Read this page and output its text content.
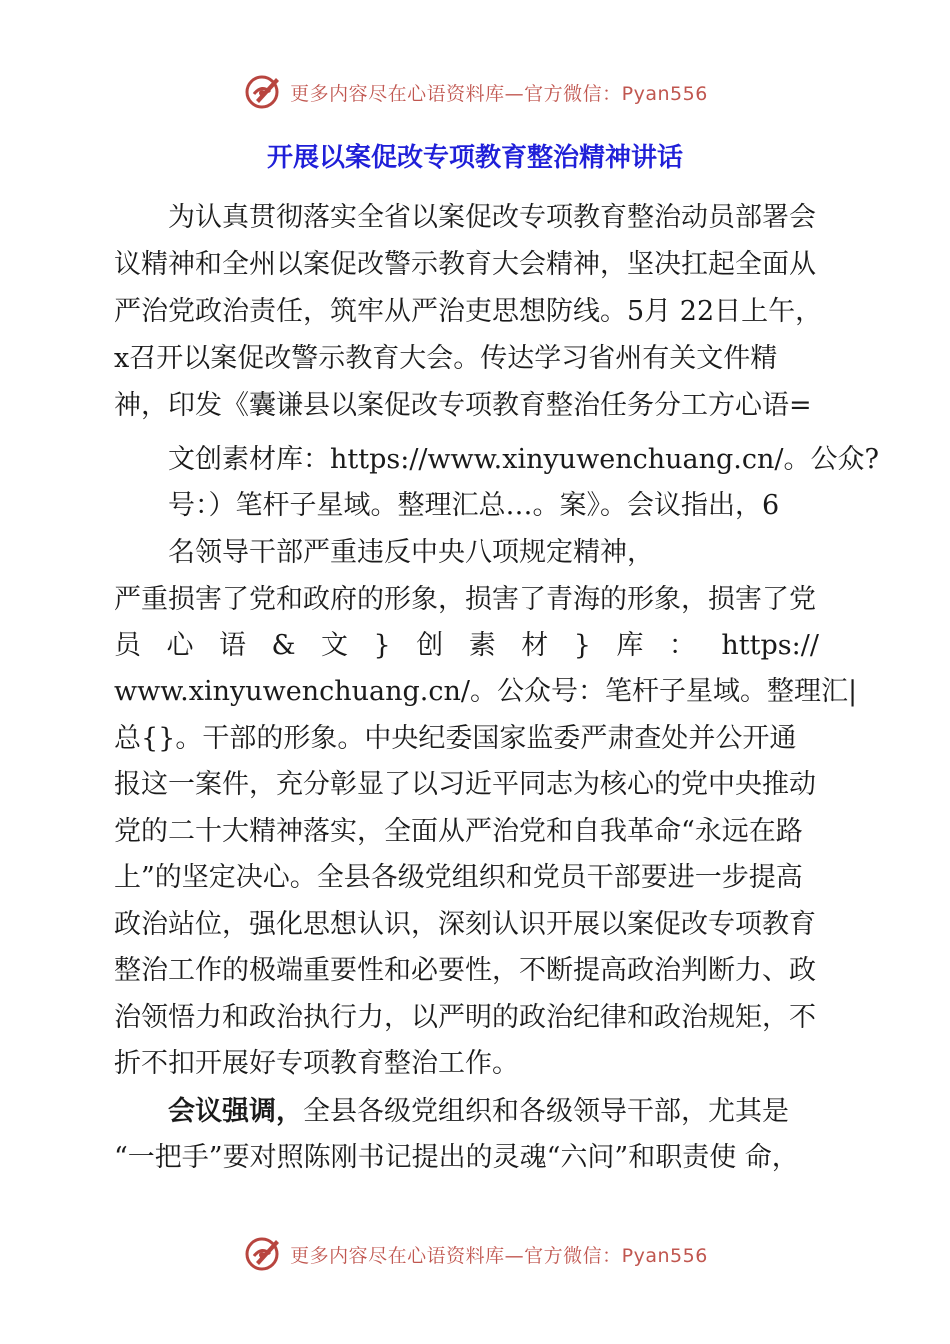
更多内容尽在心语资料库—官方微信：Pyan556
开展以案促改专项教育整治精神讲话

为认真贯彻落实全省以案促改专项教育整治动员部署会

议精神和全州以案促改警示教育大会精神，坚决扛起全面从

严治党政治责任，筑牢从严治吏思想防线。5月 22日上午，

x召开以案促改警示教育大会。传达学习省州有关文件精

神，印发《囊谦县以案促改专项教育整治任务分工方心语=

文创素材库：https://www.xinyuwenchuang.cn/。公众?

号：）笔杆子星域。整理汇总…。案》。会议指出，6

名领导干部严重违反中央八项规定精神，

严重损害了党和政府的形象，损害了青海的形象，损害了党

员 心 语 & 文 } 创 素 材 } 库 ： https://

www.xinyuwenchuang.cn/。公众号：笔杆子星域。整理汇|

总{}。干部的形象。中央纪委国家监委严肃查处并公开通

报这一案件，充分彰显了以习近平同志为核心的党中央推动

党的二十大精神落实，全面从严治党和自我革命“永远在路

上”的坚定决心。全县各级党组织和党员干部要进一步提高

政治站位，强化思想认识，深刻认识开展以案促改专项教育

整治工作的极端重要性和必要性，不断提高政治判断力、政

治领悟力和政治执行力，以严明的政治纪律和政治规矩，不

折不扣开展好专项教育整治工作。

会议强调，全县各级党组织和各级领导干部，尤其是

“一把手”要对照陈刚书记提出的灵魂“六问”和职责使 命，

更多内容尽在心语资料库—官方微信：Pyan556
